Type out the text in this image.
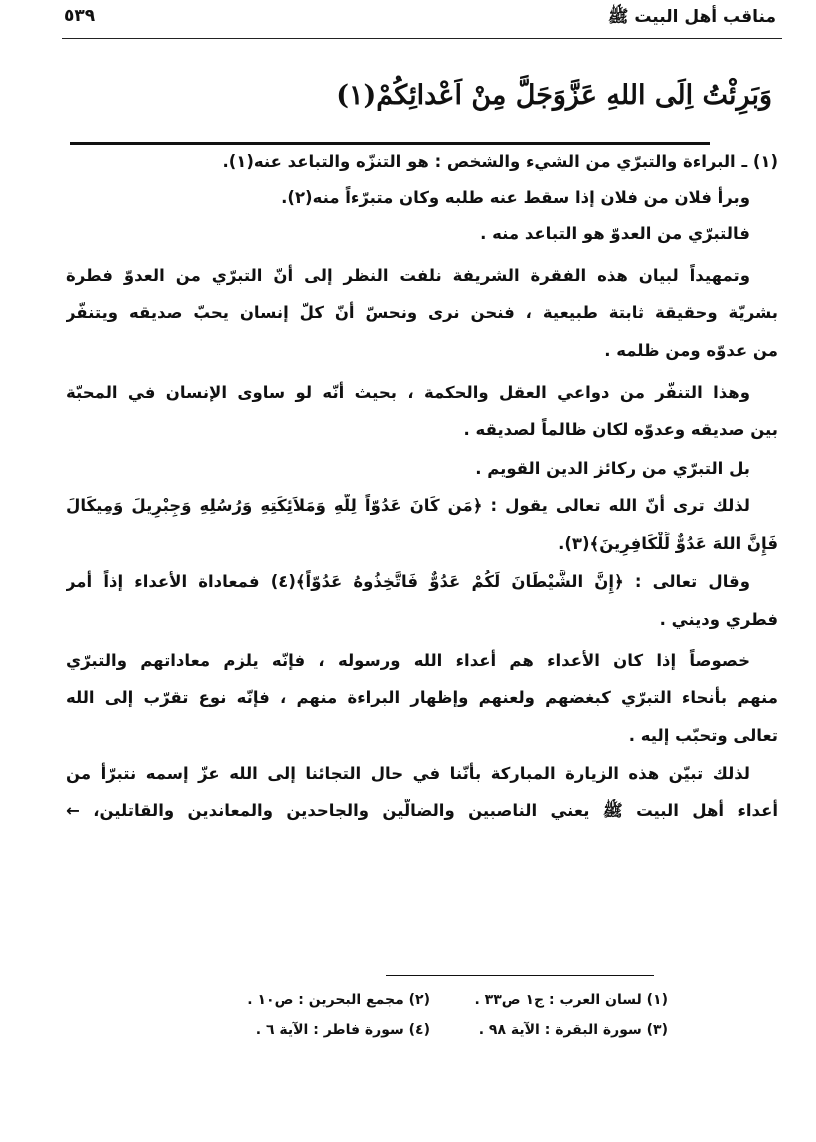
مناقب أهل البيت ﷺ
٥٣٩
وَبَرِئْتُ اِلَى اللهِ عَزَّوَجَلَّ مِنْ اَعْدائِكُمْ(١)
(١) ـ البراءة والتبرّي من الشيء والشخص : هو التنزّه والتباعد عنه(١).
وبرأ فلان من فلان إذا سقط عنه طلبه وكان متبرّءاً منه(٢).
فالتبرّي من العدوّ هو التباعد منه .
وتمهيداً لبيان هذه الفقرة الشريفة نلفت النظر إلى أنّ التبرّي من العدوّ فطرة
بشريّة وحقيقة ثابتة طبيعية ، فنحن نرى ونحسّ أنّ كلّ إنسان يحبّ صديقه ويتنفّر
من عدوّه ومن ظلمه .
وهذا التنفّر من دواعي العقل والحكمة ، بحيث أنّه لو ساوى الإنسان في المحبّة
بين صديقه وعدوّه لكان ظالماً لصديقه .
بل التبرّي من ركائز الدين القويم .
لذلك ترى أنّ الله تعالى يقول : ﴿مَن كَانَ عَدُوّاً لِلّهِ وَمَلاَئِكَتِهِ وَرُسُلِهِ وَجِبْرِيلَ وَمِيكَالَ
فَإِنَّ اللهَ عَدُوٌّ لِّلْكَافِرِينَ﴾(٣).
وقال تعالى : ﴿إِنَّ الشَّيْطَانَ لَكُمْ عَدُوٌّ فَاتَّخِذُوهُ عَدُوّاً﴾(٤) فمعاداة الأعداء إذاً أمر
فطري وديني .
خصوصاً إذا كان الأعداء هم أعداء الله ورسوله ، فإنّه يلزم معاداتهم والتبرّي
منهم بأنحاء التبرّي كبغضهم ولعنهم وإظهار البراءة منهم ، فإنّه نوع تقرّب إلى الله
تعالى وتحبّب إليه .
لذلك تبيّن هذه الزيارة المباركة بأنّنا في حال التجائنا إلى الله عزّ إسمه نتبرّأ من
أعداء أهل البيت ﷺ يعني الناصبين والضالّين والجاحدين والمعاندين والقاتلين، ←
(١) لسان العرب : ج١ ص٣٣ .
(٢) مجمع البحرين : ص١٠ .
(٣) سورة البقرة : الآية ٩٨ .
(٤) سورة فاطر : الآية ٦ .
